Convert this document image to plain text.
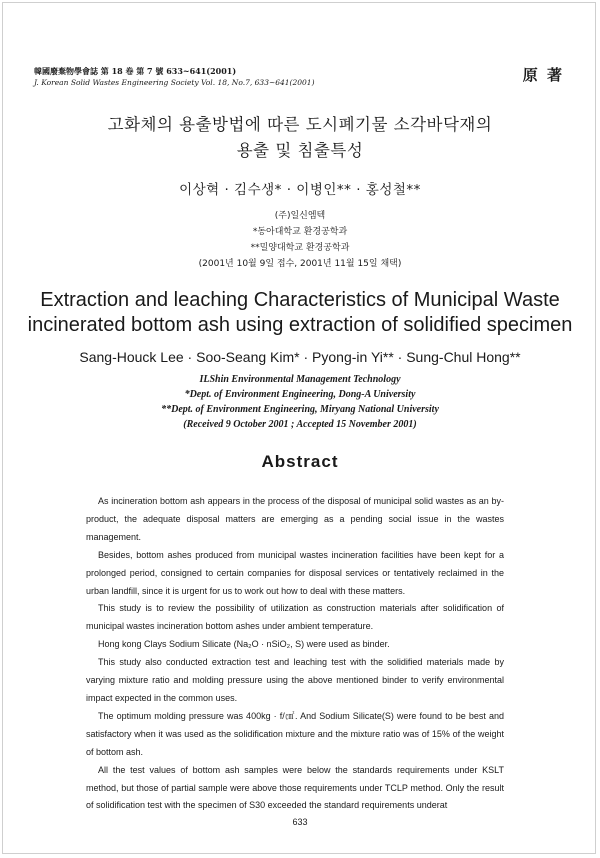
韓國廢棄物學會誌 第 18 卷 第 7 號 633~641(2001)
J. Korean Solid Wastes Engineering Society Vol. 18, No.7, 633~641(2001)	原 著
고화체의 용출방법에 따른 도시폐기물 소각바닥재의
용출 및 침출특성
이상혁 · 김수생* · 이병인** · 홍성철**
(주)일신엠텍
*동아대학교 환경공학과
**밀양대학교 환경공학과
(2001년 10월 9일 접수, 2001년 11월 15일 채택)
Extraction and leaching Characteristics of Municipal Waste
incinerated bottom ash using extraction of solidified specimen
Sang-Houck Lee · Soo-Seang Kim* · Pyong-in Yi** · Sung-Chul Hong**
ILShin Environmental Management Technology
*Dept. of Environment Engineering, Dong-A University
**Dept. of Environment Engineering, Miryang National University
(Received 9 October 2001 ; Accepted 15 November 2001)
Abstract

As incineration bottom ash appears in the process of the disposal of municipal solid wastes as an by-product, the adequate disposal matters are emerging as a pending social issue in the wastes management.

Besides, bottom ashes produced from municipal wastes incineration facilities have been kept for a prolonged period, consigned to certain companies for disposal services or tentatively reclaimed in the urban landfill, since it is urgent for us to work out how to deal with these matters.

This study is to review the possibility of utilization as construction materials after solidification of municipal wastes incineration bottom ashes under ambient temperature.

Hong kong Clays Sodium Silicate (Na₂O · nSiO₂, S) were used as binder.

This study also conducted extraction test and leaching test with the solidified materials made by varying mixture ratio and molding pressure using the above mentioned binder to verify environmental impact expected in the common uses.

The optimum molding pressure was 400kg · f/㎠. And Sodium Silicate(S) were found to be best and satisfactory when it was used as the solidification mixture and the mixture ratio was of 15% of the weight of bottom ash.

All the test values of bottom ash samples were below the standards requirements under KSLT method, but those of partial sample were above those requirements under TCLP method. Only the result of solidification test with the specimen of S30 exceeded the standard requirements underat

633
